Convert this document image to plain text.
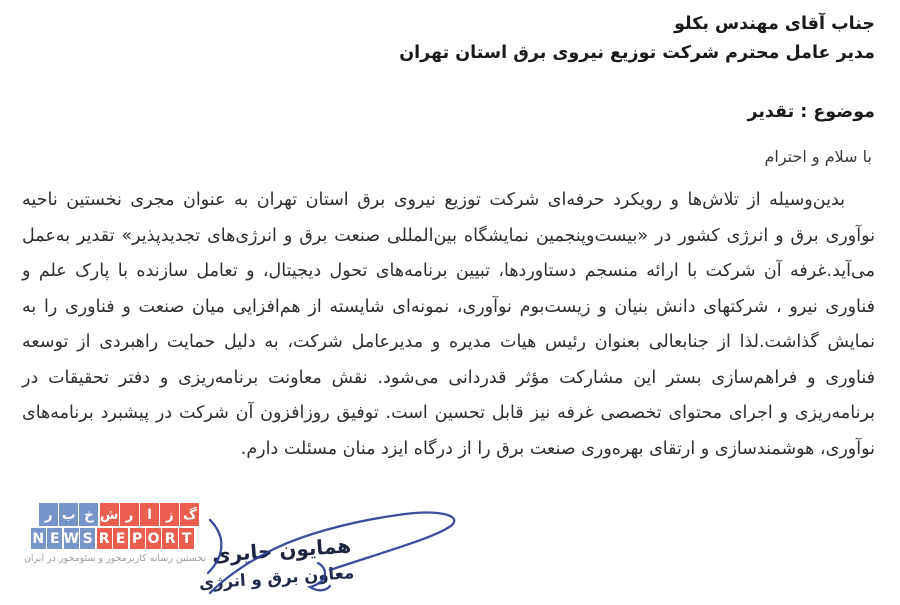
جناب آقای مهندس بکلو
مدیر عامل محترم شرکت توزیع نیروی برق استان تهران
موضوع : تقدیر
با سلام و احترام
بدین‌وسیله از تلاش‌ها و رویکرد حرفه‌ای شرکت توزیع نیروی برق استان تهران به عنوان مجری نخستین ناحیه نوآوری برق و انرژی کشور در «بیست‌وپنجمین نمایشگاه بین‌المللی صنعت برق و انرژی‌های تجدیدپذیر» تقدیر به‌عمل می‌آید.غرفه آن شرکت با ارائه منسجم دستاوردها، تبیین برنامه‌های تحول دیجیتال، و تعامل سازنده با پارک علم و فناوری نیرو ، شرکتهای دانش بنیان و زیست‌بوم نوآوری، نمونه‌ای شایسته از هم‌افزایی میان صنعت و فناوری را به نمایش گذاشت.لذا از جنابعالی بعنوان رئیس هیات مدیره و مدیرعامل شرکت، به دلیل حمایت راهبردی از توسعه فناوری و فراهم‌سازی بستر این مشارکت مؤثر قدردانی می‌شود. نقش معاونت برنامه‌ریزی و دفتر تحقیقات در برنامه‌ریزی و اجرای محتوای تخصصی غرفه نیز قابل تحسین است. توفیق روزافزون آن شرکت در پیشبرد برنامه‌های نوآوری، هوشمندسازی و ارتقای بهره‌وری صنعت برق را از درگاه ایزد منان مسئلت دارم.
گ
ز
ا
ر
ش
خ
ب
ر
N E W S R E P O R T
نخستین رسانه کاربرمحور و سئومحور در ایران همایون حایری
معاون برق و انرژی
